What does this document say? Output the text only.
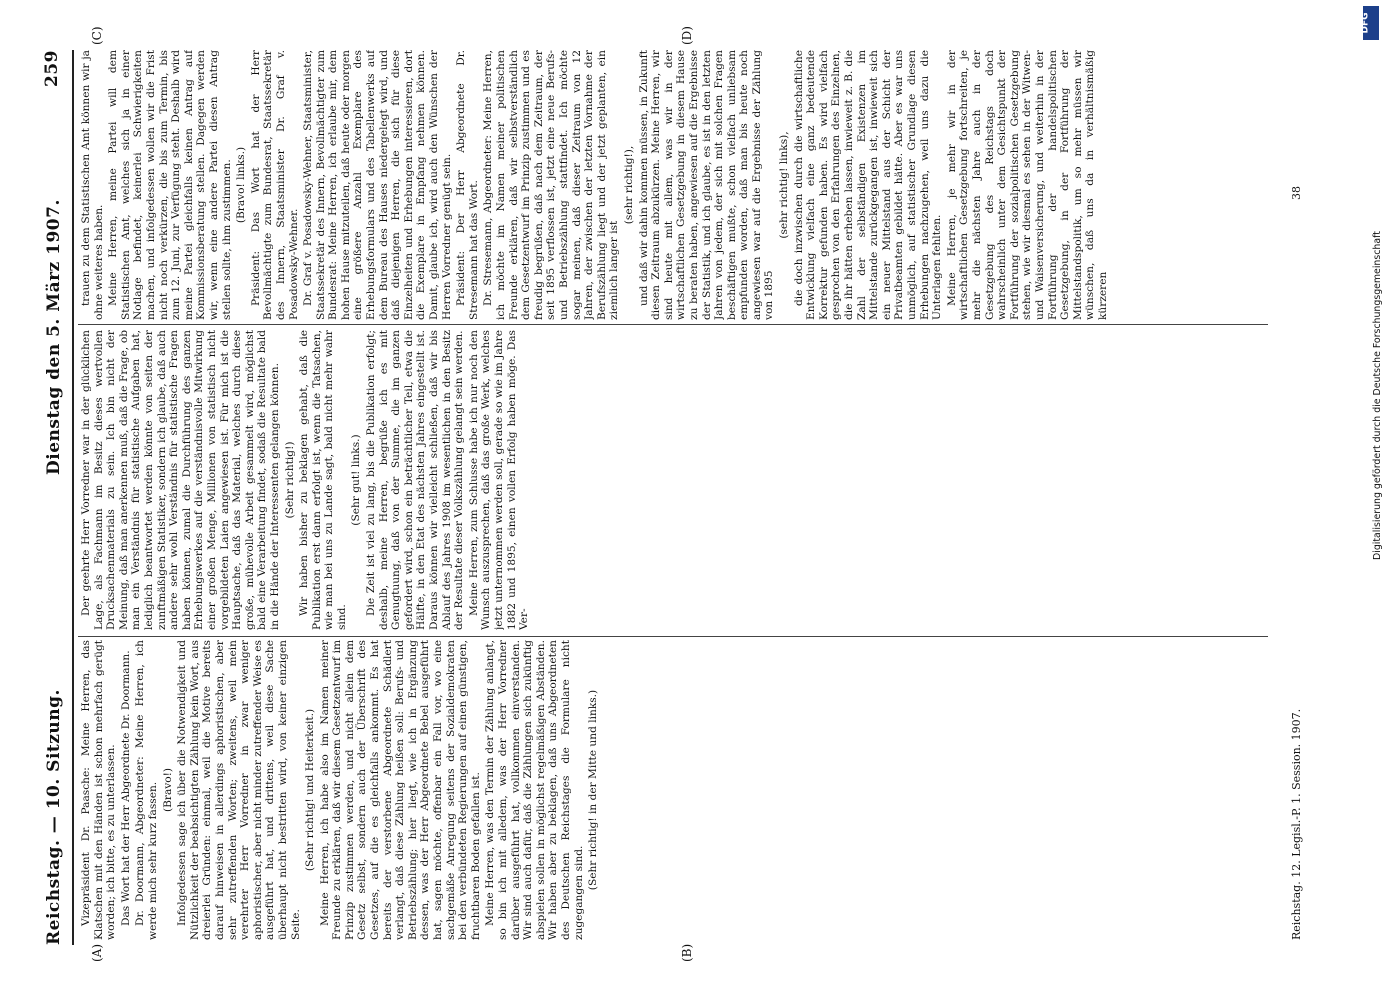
Reichstag. — 10. Sitzung.
Dienstag den 5. März 1907.
259
(A)	(B)
(C)	(D)

Vizepräsident Dr. Paasche: Meine Herren, das Klatschen mit den Händen ist schon mehrfach gerügt worden; ich bitte, es zu unterlassen. Das Wort hat der Herr Abgeordnete Dr. Doormann. Dr. Doormann, Abgeordneter: Meine Herren, ich werde mich sehr kurz fassen. (Bravo!) Infolgedessen sage ich über die Notwendigkeit und Nützlichkeit der beabsichtigten Zählung kein Wort, aus dreierlei Gründen: einmal, weil die Motive bereits darauf hinweisen in allerdings aphoristischen, aber sehr zutreffenden Worten; zweitens, weil mein verehrter Herr Vorredner in zwar weniger aphoristischer, aber nicht minder zutreffender Weise es ausgeführt hat, und drittens, weil diese Sache überhaupt nicht bestritten wird, von keiner einzigen Seite.

(Sehr richtig! und Heiterkeit.) Meine Herren, ich habe also im Namen meiner Freunde zu erklären, daß wir diesem Gesetzentwurf im Prinzip zustimmen werden, und nicht allein dem Gesetz selbst, sondern auch der Überschrift des Gesetzes, auf die es gleichfalls ankommt. Es hat bereits der verstorbene Abgeordnete Schädlert verlangt, daß diese Zählung heißen soll: Berufs- und Betriebszählung; hier liegt, wie ich in Ergänzung dessen, was der Herr Abgeordnete Bebel ausgeführt hat, sagen möchte, offenbar ein Fall vor, wo eine sachgemäße Anregung seitens der Sozialdemokraten bei den verbündeten Regierungen auf einen günstigen, fruchtbaren Boden gefallen ist. Meine Herren, was den Termin der Zählung anlangt, so bin ich mit alledem, was der Herr Vorredner darüber ausgeführt hat, vollkommen einverstanden. Wir sind auch dafür, daß die Zählungen sich zukünftig abspielen sollen in möglichst regelmäßigen Abständen. Wir haben aber zu beklagen, daß uns Abgeordneten des Deutschen Reichstages die Formulare nicht zugegangen sind.

(Sehr richtig! in der Mitte und links.)

Der geehrte Herr Vorredner war in der glücklichen Lage, als Fachmann im Besitz dieses wertvollen Drucksachenmaterials zu sein. Ich bin nicht der Meinung, daß man anerkennen muß, daß die Frage, ob man ein Verständnis für statistische Aufgaben hat, lediglich beantwortet werden könnte von seiten der zunftmäßigen Statistiker, sondern ich glaube, daß auch andere sehr wohl Verständnis für statistische Fragen haben können, zumal die Durchführung des ganzen Erhebungswerkes auf die verständnisvolle Mitwirkung einer großen Menge, Millionen von statistisch nicht vorgebildeten Laien angewiesen ist. Für mich ist die Hauptsache, daß das Material, welches durch diese große, mühevolle Arbeit gesammelt wird, möglichst bald eine Verarbeitung findet, sodaß die Resultate bald in die Hände der Interessenten gelangen können. (Sehr richtig!) Wir haben bisher zu beklagen gehabt, daß die Publikation erst dann erfolgt ist, wenn die Tatsachen, wie man bei uns zu Lande sagt, bald nicht mehr wahr sind.

(Sehr gut! links.) Die Zeit ist viel zu lang, bis die Publikation erfolgt; deshalb, meine Herren, begrüße ich es mit Genugtuung, daß von der Summe, die im ganzen gefordert wird, schon ein beträchtlicher Teil, etwa die Hälfte, in den Etat des nächsten Jahres eingestellt ist. Daraus können wir vielleicht schließen, daß wir bis Ablauf des Jahres 1908 im wesentlichen in den Besitz der Resultate dieser Volkszählung gelangt sein werden. Meine Herren, zum Schlusse habe ich nur noch den Wunsch auszusprechen, daß das große Werk, welches jetzt unternommen werden soll, gerade so wie im Jahre 1882 und 1895, einen vollen Erfolg haben möge. Das Ver-

trauen zu dem Statistischen Amt können wir ja ohne weiteres haben. Meine Herren, meine Partei will dem Statistischen Amt, welches sich ja in einer Notlage befindet, keinerlei Schwierigkeiten machen, und infolgedessen wollen wir die Frist nicht noch verkürzen, die bis zum Termin, bis zum 12. Juni, zur Verfügung steht. Deshalb wird meine Partei gleichfalls keinen Antrag auf Kommissionsberatung stellen. Dagegen werden wir, wenn eine andere Partei diesen Antrag stellen sollte, ihm zustimmen. (Bravo! links.) Präsident: Das Wort hat der Herr Bevollmächtigte zum Bundesrat, Staatssekretär des Innern, Staatsminister Dr. Graf v. Posadowsky-Wehner. Dr. Graf v. Posadowsky-Wehner, Staatsminister, Staatssekretär des Innern, Bevollmächtigter zum Bundesrat: Meine Herren, ich erlaube mir, dem hohen Hause mitzuteilen, daß heute oder morgen eine größere Anzahl Exemplare des Erhebungsformulars und des Tabellenwerks auf dem Bureau des Hauses niedergelegt wird, und daß diejenigen Herren, die sich für diese Einzelheiten und Erhebungen interessieren, dort die Exemplare in Empfang nehmen können. Damit, glaube ich, wird auch den Wünschen der Herren Vorredner genügt sein. Präsident: Der Herr Abgeordnete Dr. Stresemann hat das Wort. Dr. Stresemann, Abgeordneter: Meine Herren, ich möchte im Namen meiner politischen Freunde erklären, daß wir selbstverständlich dem Gesetzentwurf im Prinzip zustimmen und es freudig begrüßen, daß nach dem Zeitraum, der seit 1895 verflossen ist, jetzt eine neue Berufs- und Betriebszählung stattfindet. Ich möchte sogar meinen, daß dieser Zeitraum von 12 Jahren, der zwischen der letzten Vornahme der Berufszählung liegt und der jetzt geplanten, ein ziemlich langer ist

(sehr richtig!), und daß wir dahin kommen müssen, in Zukunft diesen Zeitraum abzukürzen. Meine Herren, wir sind heute mit allem, was wir in der wirtschaftlichen Gesetzgebung in diesem Hause zu beraten haben, angewiesen auf die Ergebnisse der Statistik, und ich glaube, es ist in den letzten Jahren von jedem, der sich mit solchen Fragen beschäftigen mußte, schon vielfach unliebsam empfunden worden, daß man bis heute noch angewiesen war auf die Ergebnisse der Zählung von 1895

(sehr richtig! links), die doch inzwischen durch die wirtschaftliche Entwicklung vielfach eine ganz bedeutende Korrektur gefunden haben. Es wird vielfach gesprochen von den Erfahrungen des Einzelnen, die ihr hätten erheben lassen, inwieweit z. B. die Zahl der selbständigen Existenzen im Mittelstande zurückgegangen ist, inwieweit sich ein neuer Mittelstand aus der Schicht der Privatbeamten gebildet hätte. Aber es war uns unmöglich, auf statistischer Grundlage diesen Erhebungen nachzugehen, weil uns dazu die Unterlagen fehlten. Meine Herren, je mehr wir in der wirtschaftlichen Gesetzgebung fortschreiten, je mehr die nächsten Jahre auch in der Gesetzgebung des Reichstags doch wahrscheinlich unter dem Gesichtspunkt der Fortführung der sozialpolitischen Gesetzgebung stehen, wie wir diesmal es sehen in der Witwen- und Waisenversicherung, und weiterhin in der Fortführung der handelspolitischen Gesetzgebung, in der Fortführung der Mittelstandspolitik, um so mehr müssen wir wünschen, daß uns da in verhältnismäßig kürzeren

Reichstag. 12. Legisl.-P. 1. Session. 1907.
38
DFG
Digitalisierung gefördert durch die Deutsche Forschungsgemeinschaft
